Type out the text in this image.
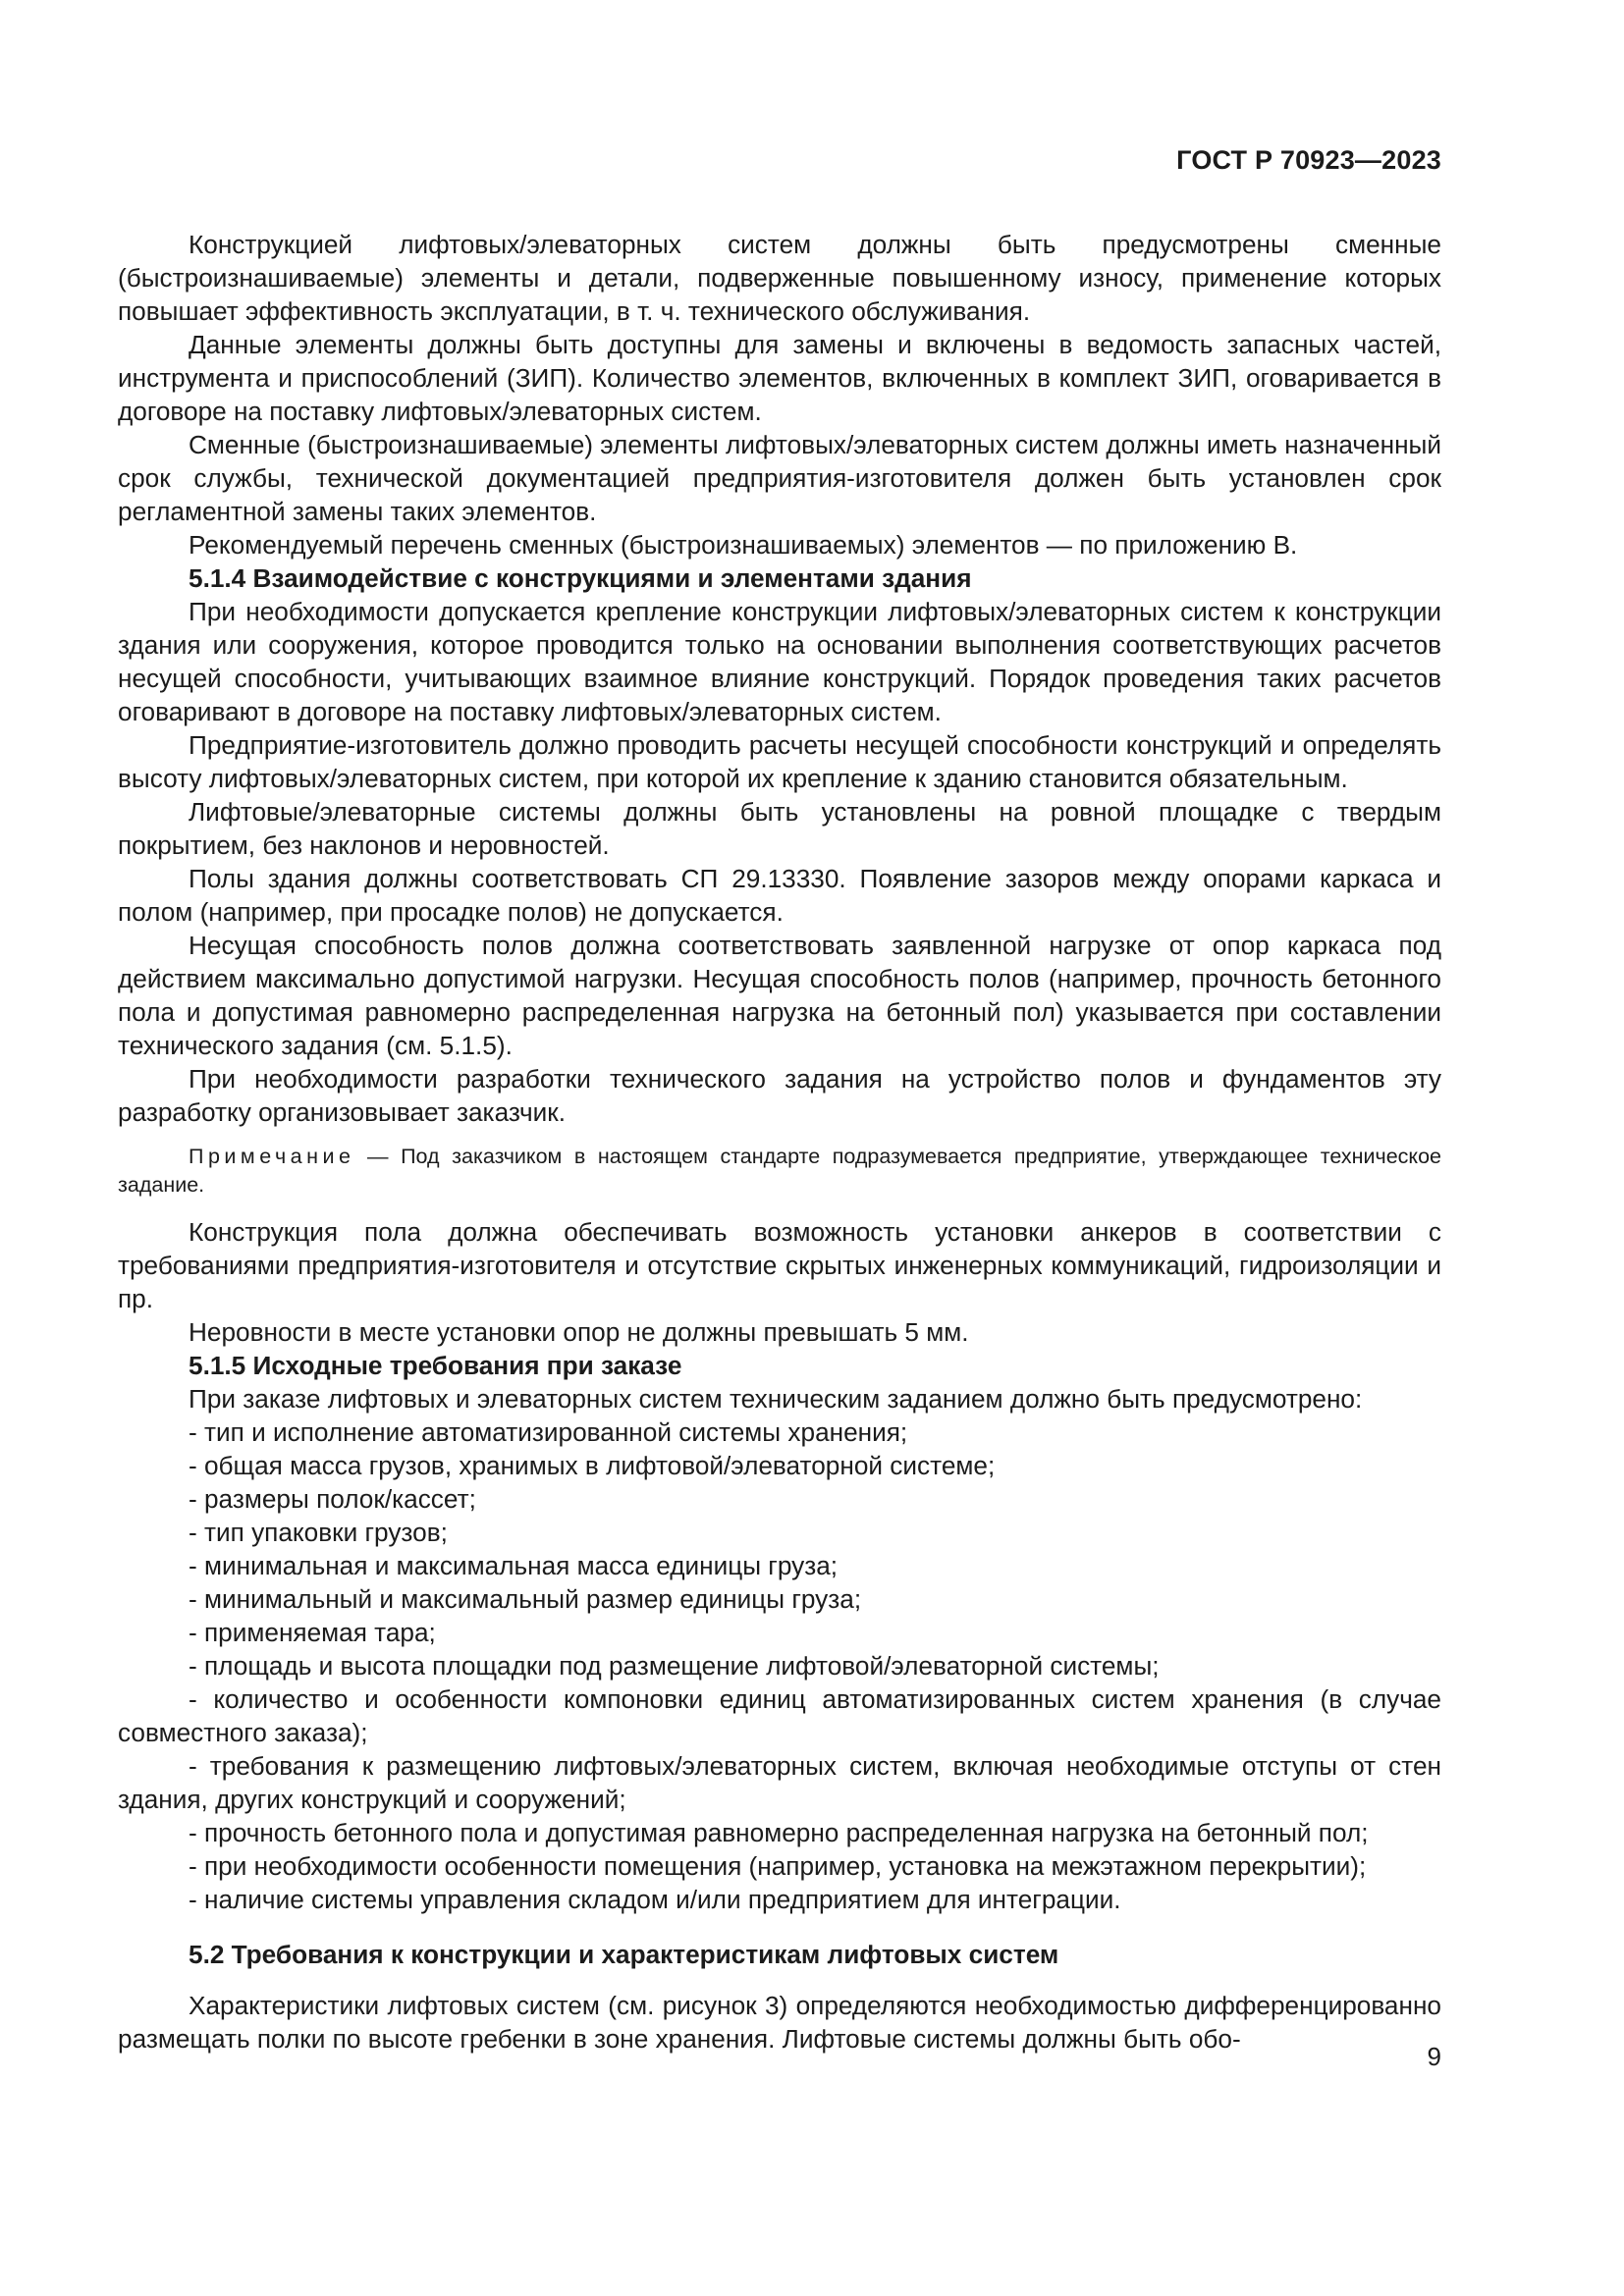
ГОСТ Р 70923—2023

Конструкцией лифтовых/элеваторных систем должны быть предусмотрены сменные (быстроизнашиваемые) элементы и детали, подверженные повышенному износу, применение которых повышает эффективность эксплуатации, в т. ч. технического обслуживания.

Данные элементы должны быть доступны для замены и включены в ведомость запасных частей, инструмента и приспособлений (ЗИП). Количество элементов, включенных в комплект ЗИП, оговаривается в договоре на поставку лифтовых/элеваторных систем.

Сменные (быстроизнашиваемые) элементы лифтовых/элеваторных систем должны иметь назначенный срок службы, технической документацией предприятия-изготовителя должен быть установлен срок регламентной замены таких элементов.

Рекомендуемый перечень сменных (быстроизнашиваемых) элементов — по приложению В.

5.1.4 Взаимодействие с конструкциями и элементами здания

При необходимости допускается крепление конструкции лифтовых/элеваторных систем к конструкции здания или сооружения, которое проводится только на основании выполнения соответствующих расчетов несущей способности, учитывающих взаимное влияние конструкций. Порядок проведения таких расчетов оговаривают в договоре на поставку лифтовых/элеваторных систем.

Предприятие-изготовитель должно проводить расчеты несущей способности конструкций и определять высоту лифтовых/элеваторных систем, при которой их крепление к зданию становится обязательным.

Лифтовые/элеваторные системы должны быть установлены на ровной площадке с твердым покрытием, без наклонов и неровностей.

Полы здания должны соответствовать СП 29.13330. Появление зазоров между опорами каркаса и полом (например, при просадке полов) не допускается.

Несущая способность полов должна соответствовать заявленной нагрузке от опор каркаса под действием максимально допустимой нагрузки. Несущая способность полов (например, прочность бетонного пола и допустимая равномерно распределенная нагрузка на бетонный пол) указывается при составлении технического задания (см. 5.1.5).

При необходимости разработки технического задания на устройство полов и фундаментов эту разработку организовывает заказчик.

Примечание — Под заказчиком в настоящем стандарте подразумевается предприятие, утверждающее техническое задание.

Конструкция пола должна обеспечивать возможность установки анкеров в соответствии с требованиями предприятия-изготовителя и отсутствие скрытых инженерных коммуникаций, гидроизоляции и пр.

Неровности в месте установки опор не должны превышать 5 мм.

5.1.5 Исходные требования при заказе

При заказе лифтовых и элеваторных систем техническим заданием должно быть предусмотрено:

- тип и исполнение автоматизированной системы хранения;

- общая масса грузов, хранимых в лифтовой/элеваторной системе;

- размеры полок/кассет;

- тип упаковки грузов;

- минимальная и максимальная масса единицы груза;

- минимальный и максимальный размер единицы груза;

- применяемая тара;

- площадь и высота площадки под размещение лифтовой/элеваторной системы;

- количество и особенности компоновки единиц автоматизированных систем хранения (в случае совместного заказа);

- требования к размещению лифтовых/элеваторных систем, включая необходимые отступы от стен здания, других конструкций и сооружений;

- прочность бетонного пола и допустимая равномерно распределенная нагрузка на бетонный пол;

- при необходимости особенности помещения (например, установка на межэтажном перекрытии);

- наличие системы управления складом и/или предприятием для интеграции.

5.2 Требования к конструкции и характеристикам лифтовых систем

Характеристики лифтовых систем (см. рисунок 3) определяются необходимостью дифференцированно размещать полки по высоте гребенки в зоне хранения. Лифтовые системы должны быть обо-

9
